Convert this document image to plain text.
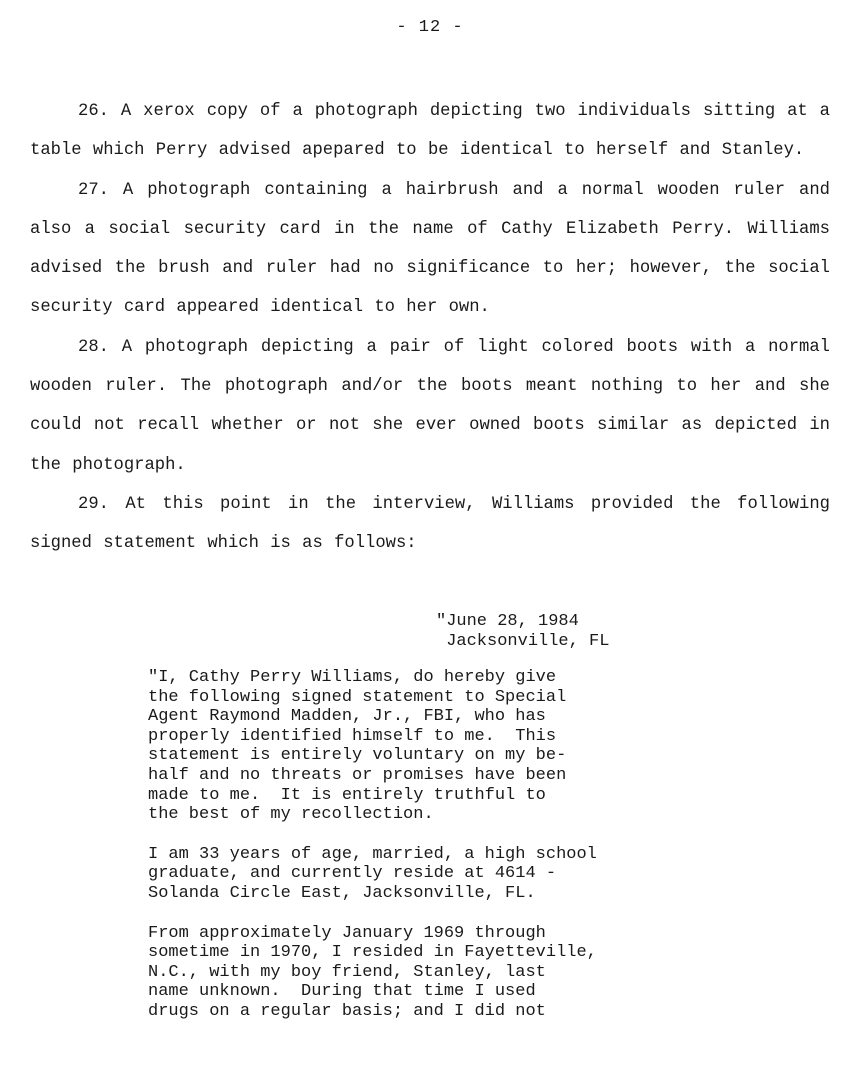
- 12 -

26. A xerox copy of a photograph depicting two individuals sitting at a table which Perry advised apepared to be identical to herself and Stanley.

27. A photograph containing a hairbrush and a normal wooden ruler and also a social security card in the name of Cathy Elizabeth Perry. Williams advised the brush and ruler had no significance to her; however, the social security card appeared identical to her own.

28. A photograph depicting a pair of light colored boots with a normal wooden ruler. The photograph and/or the boots meant nothing to her and she could not recall whether or not she ever owned boots similar as depicted in the photograph.

29. At this point in the interview, Williams provided the following signed statement which is as follows:

"June 28, 1984
Jacksonville, FL

"I, Cathy Perry Williams, do hereby give
the following signed statement to Special
Agent Raymond Madden, Jr., FBI, who has
properly identified himself to me.  This
statement is entirely voluntary on my be-
half and no threats or promises have been
made to me.  It is entirely truthful to
the best of my recollection.

I am 33 years of age, married, a high school
graduate, and currently reside at 4614 -
Solanda Circle East, Jacksonville, FL.

From approximately January 1969 through
sometime in 1970, I resided in Fayetteville,
N.C., with my boy friend, Stanley, last
name unknown.  During that time I used
drugs on a regular basis; and I did not
